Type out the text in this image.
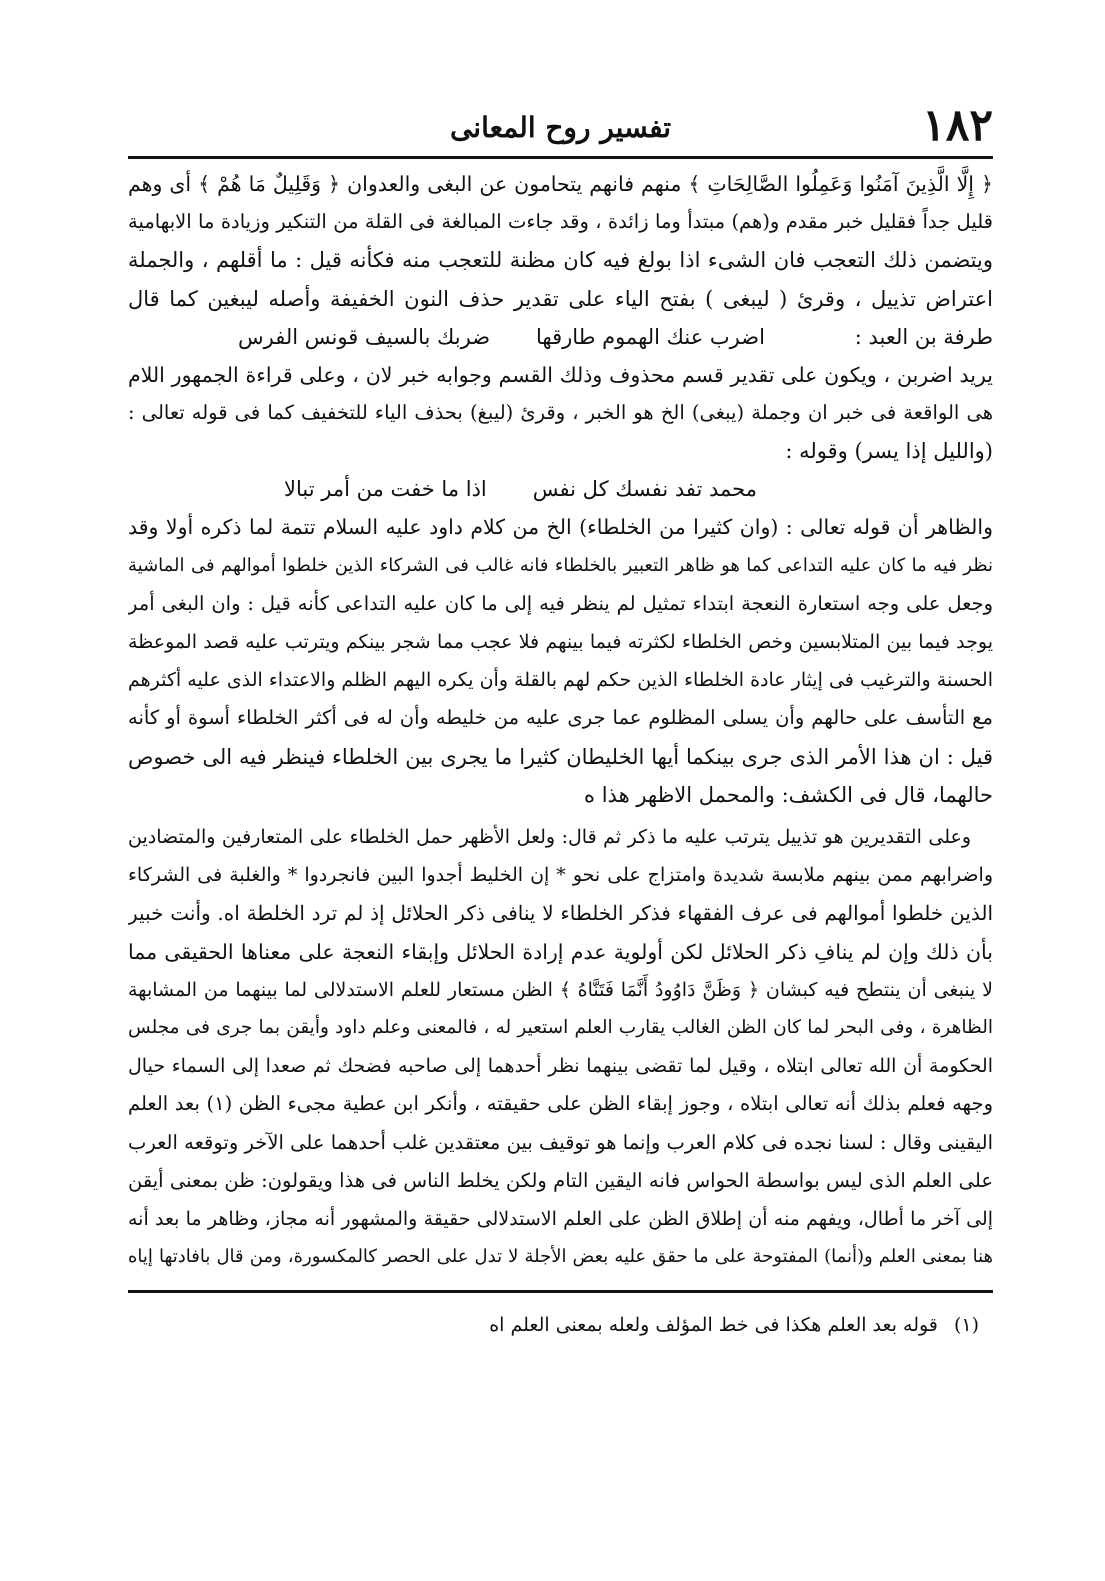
١٨٢
تفسير روح المعانى
﴿ إِلَّا الَّذِينَ آمَنُوا وَعَمِلُوا الصَّالِحَاتِ ﴾ منهم فانهم يتحامون عن البغى والعدوان ﴿ وَقَلِيلٌ مَا هُمْ ﴾ أى وهم
قليل جداً فقليل خبر مقدم و(هم) مبتدأ وما زائدة ، وقد جاءت المبالغة فى القلة من التنكير وزيادة ما الابهامية
ويتضمن ذلك التعجب فان الشىء اذا بولغ فيه كان مظنة للتعجب منه فكأنه قيل : ما أقلهم ، والجملة
اعتراض تذييل ، وقرئ ( ليبغى ) بفتح الياء على تقدير حذف النون الخفيفة وأصله ليبغين كما قال
طرفة بن العبد :
اضرب عنك الهموم طارقها
ضربك بالسيف قونس الفرس
يريد اضربن ، ويكون على تقدير قسم محذوف وذلك القسم وجوابه خبر لان ، وعلى قراءة الجمهور اللام
هى الواقعة فى خبر ان وجملة (يبغى) الخ هو الخبر ، وقرئ (ليبغ) بحذف الياء للتخفيف كما فى قوله تعالى :
(والليل إذا يسر) وقوله :
محمد تفد نفسك كل نفس
اذا ما خفت من أمر تبالا
والظاهر أن قوله تعالى : (وان كثيرا من الخلطاء) الخ من كلام داود عليه السلام تتمة لما ذكره أولا وقد
نظر فيه ما كان عليه التداعى كما هو ظاهر التعبير بالخلطاء فانه غالب فى الشركاء الذين خلطوا أموالهم فى الماشية
وجعل على وجه استعارة النعجة ابتداء تمثيل لم ينظر فيه إلى ما كان عليه التداعى كأنه قيل : وان البغى أمر
يوجد فيما بين المتلابسين وخص الخلطاء لكثرته فيما بينهم فلا عجب مما شجر بينكم ويترتب عليه قصد الموعظة
الحسنة والترغيب فى إيثار عادة الخلطاء الذين حكم لهم بالقلة وأن يكره اليهم الظلم والاعتداء الذى عليه أكثرهم
مع التأسف على حالهم وأن يسلى المظلوم عما جرى عليه من خليطه وأن له فى أكثر الخلطاء أسوة أو كأنه
قيل : ان هذا الأمر الذى جرى بينكما أيها الخليطان كثيرا ما يجرى بين الخلطاء فينظر فيه الى خصوص
حالهما، قال فى الكشف: والمحمل الاظهر هذا ه
وعلى التقديرين هو تذييل يترتب عليه ما ذكر ثم قال: ولعل الأظهر حمل الخلطاء على المتعارفين والمتضادين
واضرابهم ممن بينهم ملابسة شديدة وامتزاج على نحو * إن الخليط أجدوا البين فانجردوا * والغلبة فى الشركاء
الذين خلطوا أموالهم فى عرف الفقهاء فذكر الخلطاء لا ينافى ذكر الحلائل إذ لم ترد الخلطة اه. وأنت خبير
بأن ذلك وإن لم ينافِ ذكر الحلائل لكن أولوية عدم إرادة الحلائل وإبقاء النعجة على معناها الحقيقى مما
لا ينبغى أن ينتطح فيه كبشان ﴿ وَظَنَّ دَاوُودُ أَنَّمَا فَتَنَّاهُ ﴾ الظن مستعار للعلم الاستدلالى لما بينهما من المشابهة
الظاهرة ، وفى البحر لما كان الظن الغالب يقارب العلم استعير له ، فالمعنى وعلم داود وأيقن بما جرى فى مجلس
الحكومة أن الله تعالى ابتلاه ، وقيل لما تقضى بينهما نظر أحدهما إلى صاحبه فضحك ثم صعدا إلى السماء حيال
وجهه فعلم بذلك أنه تعالى ابتلاه ، وجوز إبقاء الظن على حقيقته ، وأنكر ابن عطية مجىء الظن (١) بعد العلم
اليقينى وقال : لسنا نجده فى كلام العرب وإنما هو توقيف بين معتقدين غلب أحدهما على الآخر وتوقعه العرب
على العلم الذى ليس بواسطة الحواس فانه اليقين التام ولكن يخلط الناس فى هذا ويقولون: ظن بمعنى أيقن
إلى آخر ما أطال، ويفهم منه أن إطلاق الظن على العلم الاستدلالى حقيقة والمشهور أنه مجاز، وظاهر ما بعد أنه
هنا بمعنى العلم و(أنما) المفتوحة على ما حقق عليه بعض الأجلة لا تدل على الحصر كالمكسورة، ومن قال بافادتها إياه
(١) قوله بعد العلم هكذا فى خط المؤلف ولعله بمعنى العلم اه
